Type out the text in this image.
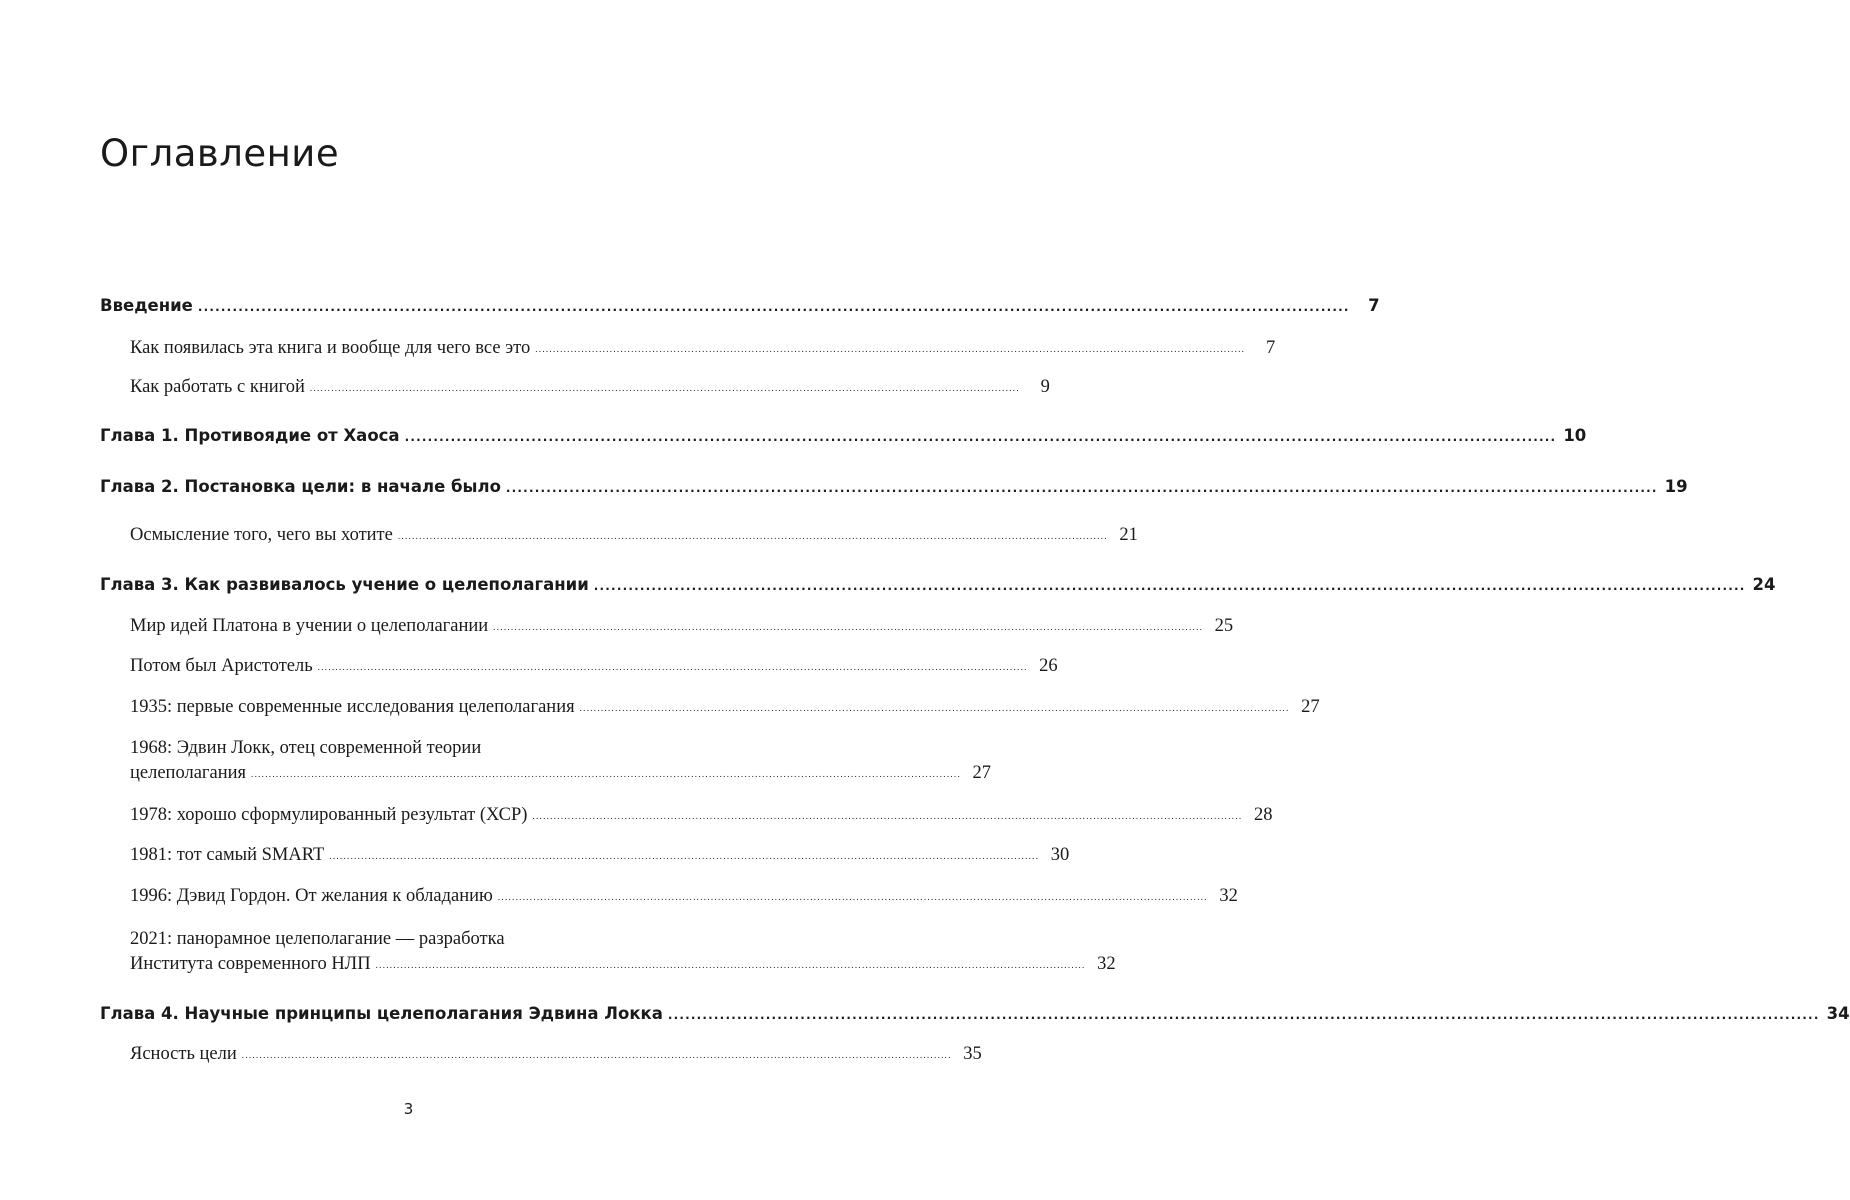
Оглавление
Введение ........................................................................................................................................................................................................	7
Как появилась эта книга и вообще для чего все это ........................................................................................................................................................................................................	7
Как работать с книгой ........................................................................................................................................................................................................	9
Глава 1. Противоядие от Хаоса ........................................................................................................................................................................................................ 10
Глава 2. Постановка цели: в начале было ........................................................................................................................................................................................................ 19
Осмысление того, чего вы хотите ........................................................................................................................................................................................................ 21
Глава 3. Как развивалось учение о целеполагании ........................................................................................................................................................................................................ 24
Мир идей Платона в учении о целеполагании ........................................................................................................................................................................................................ 25
Потом был Аристотель ........................................................................................................................................................................................................ 26
1935: первые современные исследования целеполагания ........................................................................................................................................................................................................ 27
1968: Эдвин Локк, отец современной теории
целеполагания ........................................................................................................................................................................................................ 27
1978: хорошо сформулированный результат (ХСР) ........................................................................................................................................................................................................ 28
1981: тот самый SMART ........................................................................................................................................................................................................ 30
1996: Дэвид Гордон. От желания к обладанию ........................................................................................................................................................................................................ 32
2021: панорамное целеполагание — разработка
Института современного НЛП ........................................................................................................................................................................................................ 32
Глава 4. Научные принципы целеполагания Эдвина Локка ........................................................................................................................................................................................................ 34
Ясность цели ........................................................................................................................................................................................................ 35
3
